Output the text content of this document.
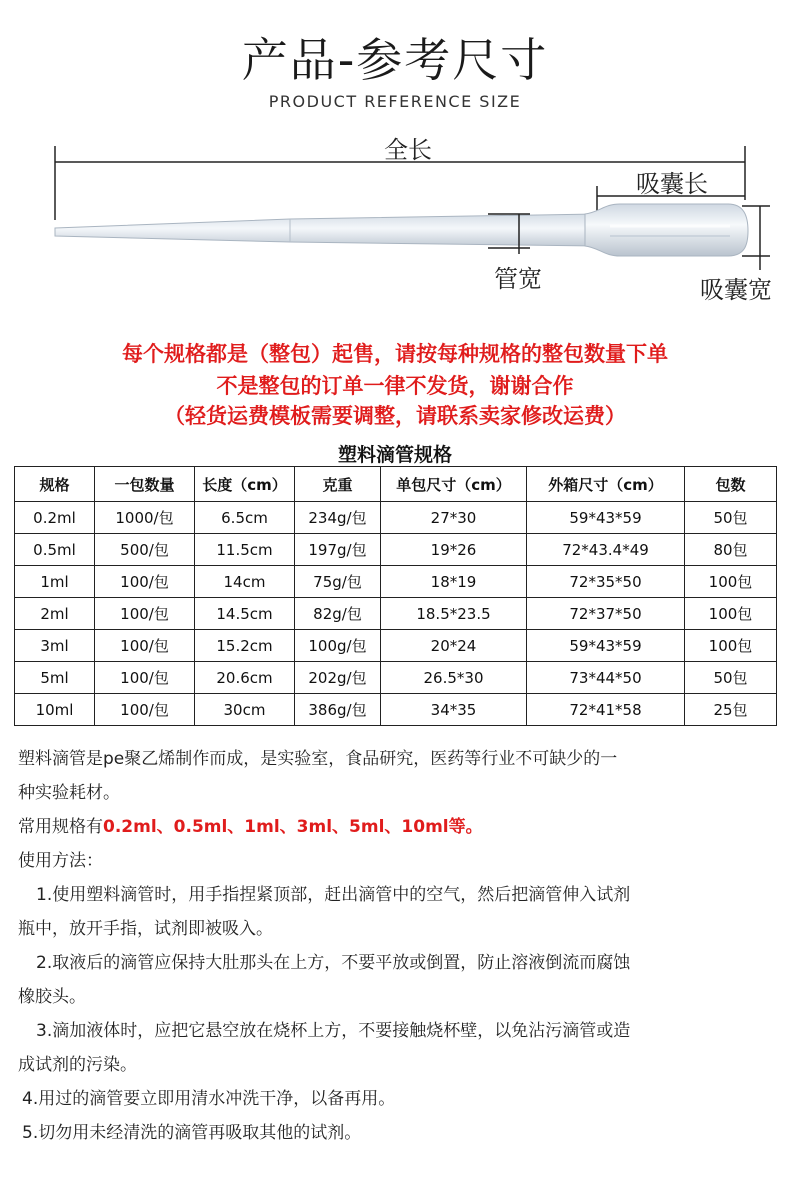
产品-参考尺寸
PRODUCT REFERENCE SIZE
全长
吸囊长
管宽	吸囊宽
每个规格都是（整包）起售，请按每种规格的整包数量下单
不是整包的订单一律不发货，谢谢合作
（轻货运费模板需要调整，请联系卖家修改运费）
塑料滴管规格
规格	一包数量	长度（cm）	克重	单包尺寸（cm）	外箱尺寸（cm）	包数
0.2ml	1000/包	6.5cm	234g/包	27*30	59*43*59	50包
0.5ml	500/包	11.5cm	197g/包	19*26	72*43.4*49	80包
1ml	100/包	14cm	75g/包	18*19	72*35*50	100包
2ml	100/包	14.5cm	82g/包	18.5*23.5	72*37*50	100包
3ml	100/包	15.2cm	100g/包	20*24	59*43*59	100包
5ml	100/包	20.6cm	202g/包	26.5*30	73*44*50	50包
10ml	100/包	30cm	386g/包	34*35	72*41*58	25包
塑料滴管是pe聚乙烯制作而成，是实验室，食品研究，医药等行业不可缺少的一
种实验耗材。
常用规格有0.2ml、0.5ml、1ml、3ml、5ml、10ml等。
使用方法：
1.使用塑料滴管时，用手指捏紧顶部，赶出滴管中的空气，然后把滴管伸入试剂
瓶中，放开手指，试剂即被吸入。
2.取液后的滴管应保持大肚那头在上方，不要平放或倒置，防止溶液倒流而腐蚀
橡胶头。
3.滴加液体时，应把它悬空放在烧杯上方，不要接触烧杯壁，以免沾污滴管或造
成试剂的污染。
4.用过的滴管要立即用清水冲洗干净，以备再用。
5.切勿用未经清洗的滴管再吸取其他的试剂。
